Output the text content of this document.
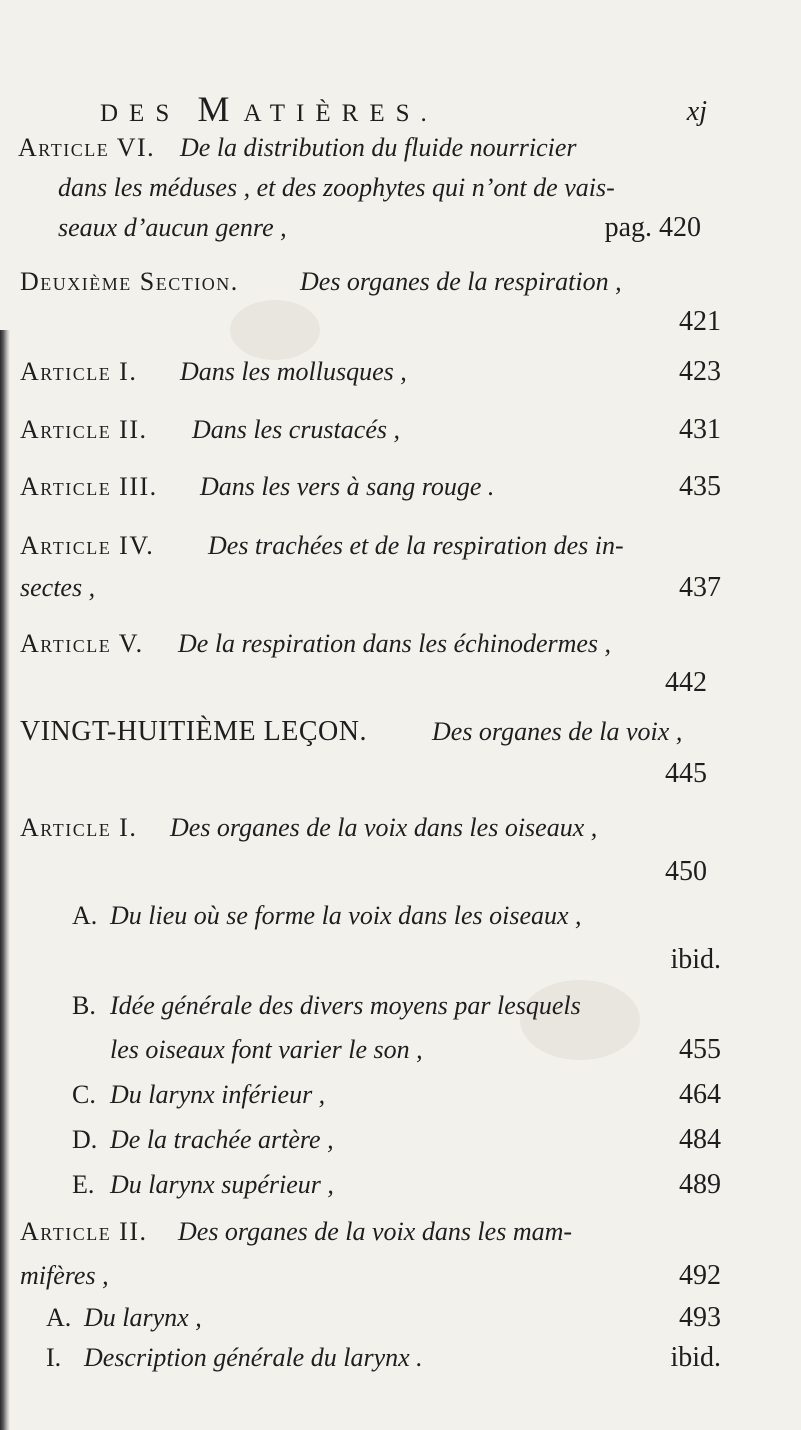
DES MATIÈRES.	xj
Article VI. De la distribution du fluide nourricier
dans les méduses , et des zoophytes qui n’ont de vais-
seaux d’aucun genre ,	pag. 420
Deuxième Section. Des organes de la respiration ,
421
Article I. Dans les mollusques ,	423
Article II. Dans les crustacés ,	431
Article III. Dans les vers à sang rouge .	435
Article IV. Des trachées et de la respiration des in-
sectes ,	437
Article V. De la respiration dans les échinodermes ,
442
VINGT-HUITIÈME LEÇON.	Des organes de la voix ,
445
Article I. Des organes de la voix dans les oiseaux ,
450
A. Du lieu où se forme la voix dans les oiseaux ,
ibid.
B. Idée générale des divers moyens par lesquels
les oiseaux font varier le son ,	455
C. Du larynx inférieur ,	464
D. De la trachée artère ,	484
E. Du larynx supérieur ,	489
Article II. Des organes de la voix dans les mam-
mifères ,	492
A. Du larynx ,	493
I. Description générale du larynx .	ibid.
